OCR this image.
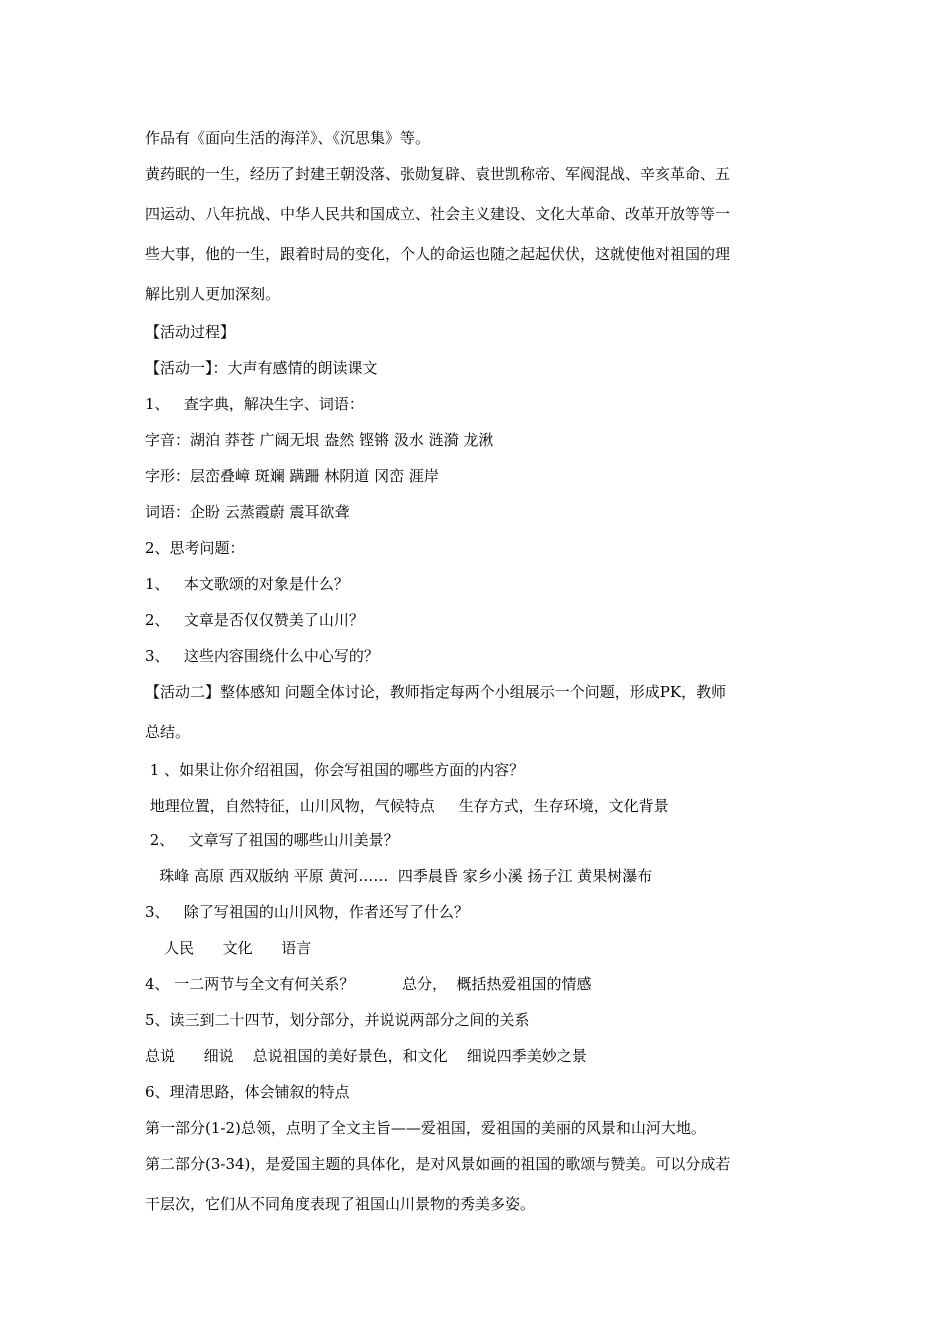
作品有《面向生活的海洋》、《沉思集》等。
黄药眠的一生，经历了封建王朝没落、张勋复辟、袁世凯称帝、军阀混战、辛亥革命、五
四运动、八年抗战、中华人民共和国成立、社会主义建设、文化大革命、改革开放等等一
些大事，他的一生，跟着时局的变化，个人的命运也随之起起伏伏，这就使他对祖国的理
解比别人更加深刻。
【活动过程】
【活动一】：大声有感情的朗读课文
1、   查字典，解决生字、词语：
字音：湖泊 莽苍 广阔无垠 盎然 铿锵 汲水 涟漪 龙湫
字形：层峦叠嶂 斑斓 蹒跚 林阴道 冈峦 涯岸
词语：企盼 云蒸霞蔚 震耳欲聋
2、思考问题：
1、   本文歌颂的对象是什么？
2、   文章是否仅仅赞美了山川？
3、   这些内容围绕什么中心写的？
【活动二】整体感知 问题全体讨论，教师指定每两个小组展示一个问题，形成PK，教师
总结。
1 、如果让你介绍祖国，你会写祖国的哪些方面的内容？
地理位置，自然特征，山川风物，气候特点     生存方式，生存环境，文化背景
2、   文章写了祖国的哪些山川美景？
珠峰 高原 西双版纳 平原 黄河……  四季晨昏 家乡小溪 扬子江 黄果树瀑布
3、   除了写祖国的山川风物，作者还写了什么？
人民      文化      语言
4、 一二两节与全文有何关系？          总分，  概括热爱祖国的情感
5、读三到二十四节，划分部分，并说说两部分之间的关系
总说      细说    总说祖国的美好景色，和文化    细说四季美妙之景
6、理清思路，体会铺叙的特点
第一部分(1-2)总领，点明了全文主旨——爱祖国，爱祖国的美丽的风景和山河大地。
第二部分(3-34)，是爱国主题的具体化，是对风景如画的祖国的歌颂与赞美。可以分成若
干层次，它们从不同角度表现了祖国山川景物的秀美多姿。
